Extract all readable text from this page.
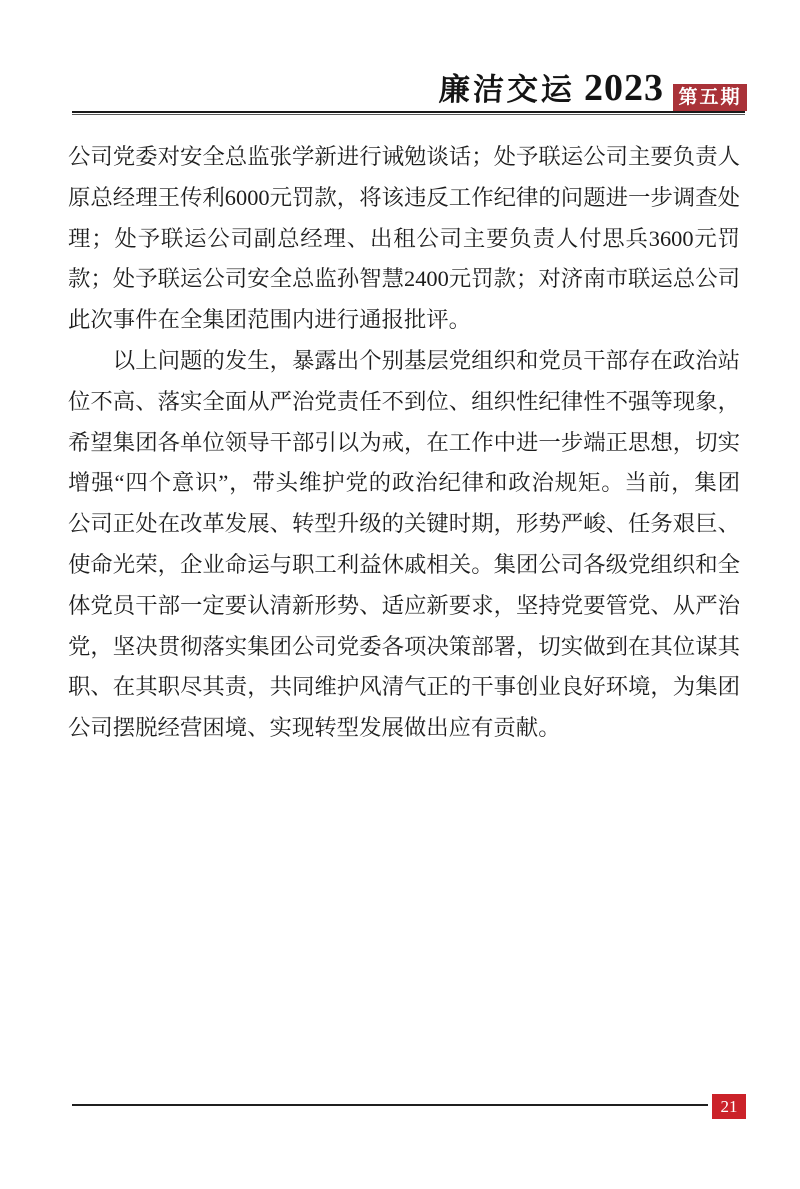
廉洁交运 2023 第五期
公司党委对安全总监张学新进行诫勉谈话；处予联运公司主要负责人
原总经理王传利6000元罚款，将该违反工作纪律的问题进一步调查处
理；处予联运公司副总经理、出租公司主要负责人付思兵3600元罚
款；处予联运公司安全总监孙智慧2400元罚款；对济南市联运总公司
此次事件在全集团范围内进行通报批评。
以上问题的发生，暴露出个别基层党组织和党员干部存在政治站
位不高、落实全面从严治党责任不到位、组织性纪律性不强等现象，
希望集团各单位领导干部引以为戒，在工作中进一步端正思想，切实
增强“四个意识”，带头维护党的政治纪律和政治规矩。当前，集团
公司正处在改革发展、转型升级的关键时期，形势严峻、任务艰巨、
使命光荣，企业命运与职工利益休戚相关。集团公司各级党组织和全
体党员干部一定要认清新形势、适应新要求，坚持党要管党、从严治
党，坚决贯彻落实集团公司党委各项决策部署，切实做到在其位谋其
职、在其职尽其责，共同维护风清气正的干事创业良好环境，为集团
公司摆脱经营困境、实现转型发展做出应有贡献。
21
